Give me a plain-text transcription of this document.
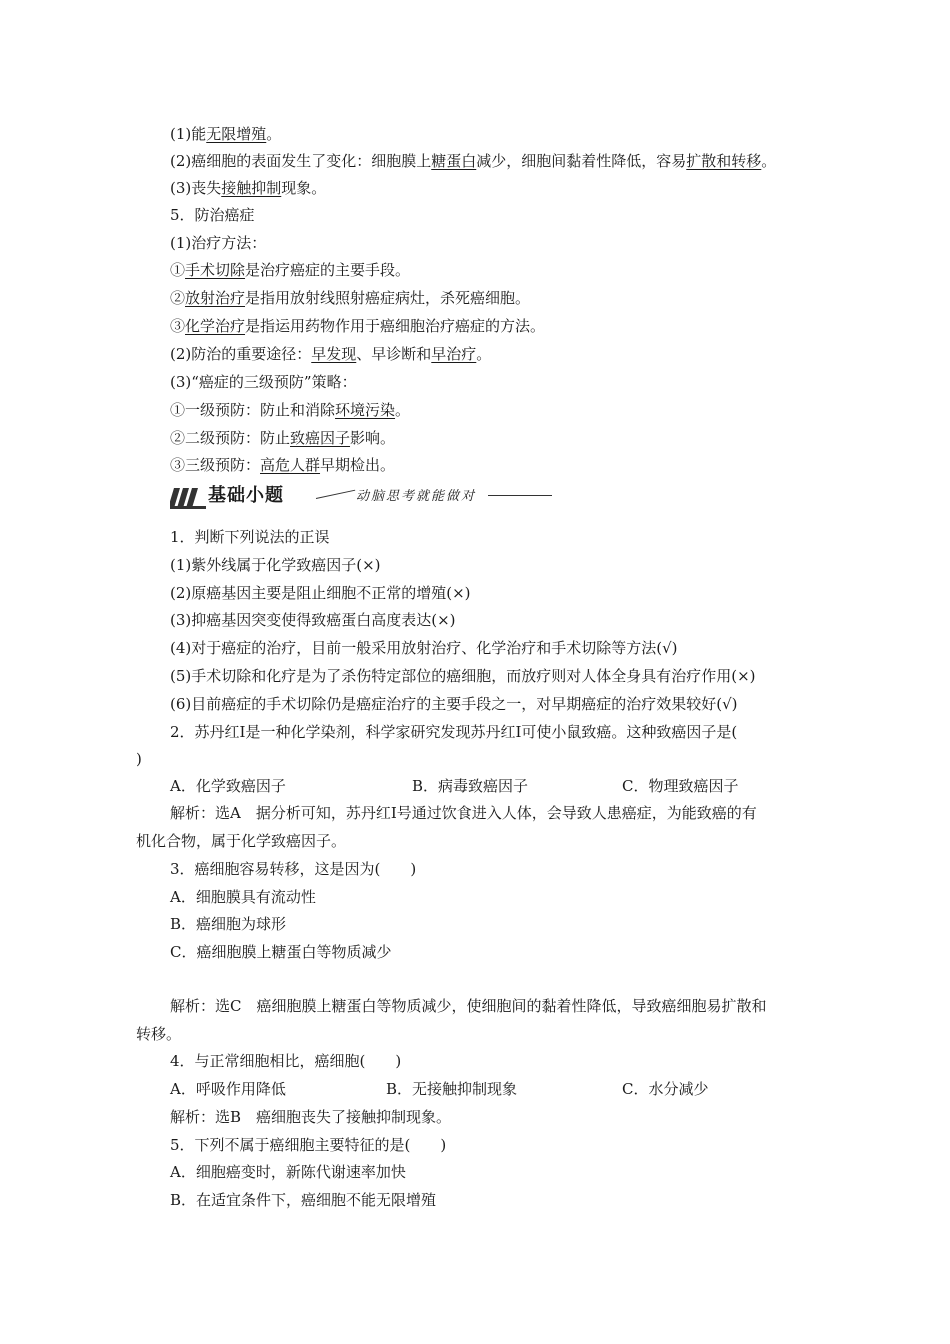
(1)能无限增殖。
(2)癌细胞的表面发生了变化：细胞膜上糖蛋白减少，细胞间黏着性降低，容易扩散和转移。
(3)丧失接触抑制现象。
5．防治癌症
(1)治疗方法：
①手术切除是治疗癌症的主要手段。
②放射治疗是指用放射线照射癌症病灶，杀死癌细胞。
③化学治疗是指运用药物作用于癌细胞治疗癌症的方法。
(2)防治的重要途径：早发现、早诊断和早治疗。
(3)“癌症的三级预防”策略：
①一级预防：防止和消除环境污染。
②二级预防：防止致癌因子影响。
③三级预防：高危人群早期检出。
基础小题	动脑思考就能做对
1．判断下列说法的正误
(1)紫外线属于化学致癌因子(×)
(2)原癌基因主要是阻止细胞不正常的增殖(×)
(3)抑癌基因突变使得致癌蛋白高度表达(×)
(4)对于癌症的治疗，目前一般采用放射治疗、化学治疗和手术切除等方法(√)
(5)手术切除和化疗是为了杀伤特定部位的癌细胞，而放疗则对人体全身具有治疗作用(×)
(6)目前癌症的手术切除仍是癌症治疗的主要手段之一，对早期癌症的治疗效果较好(√)
2．苏丹红Ⅰ是一种化学染剂，科学家研究发现苏丹红Ⅰ可使小鼠致癌。这种致癌因子是(
)
A．化学致癌因子	B．病毒致癌因子	C．物理致癌因子
解析：选A　据分析可知，苏丹红Ⅰ号通过饮食进入人体，会导致人患癌症，为能致癌的有
机化合物，属于化学致癌因子。
3．癌细胞容易转移，这是因为(　　)
A．细胞膜具有流动性
B．癌细胞为球形
C．癌细胞膜上糖蛋白等物质减少
解析：选C　癌细胞膜上糖蛋白等物质减少，使细胞间的黏着性降低，导致癌细胞易扩散和
转移。
4．与正常细胞相比，癌细胞(　　)
A．呼吸作用降低	B．无接触抑制现象	C．水分减少
解析：选B　癌细胞丧失了接触抑制现象。
5．下列不属于癌细胞主要特征的是(　　)
A．细胞癌变时，新陈代谢速率加快
B．在适宜条件下，癌细胞不能无限增殖
